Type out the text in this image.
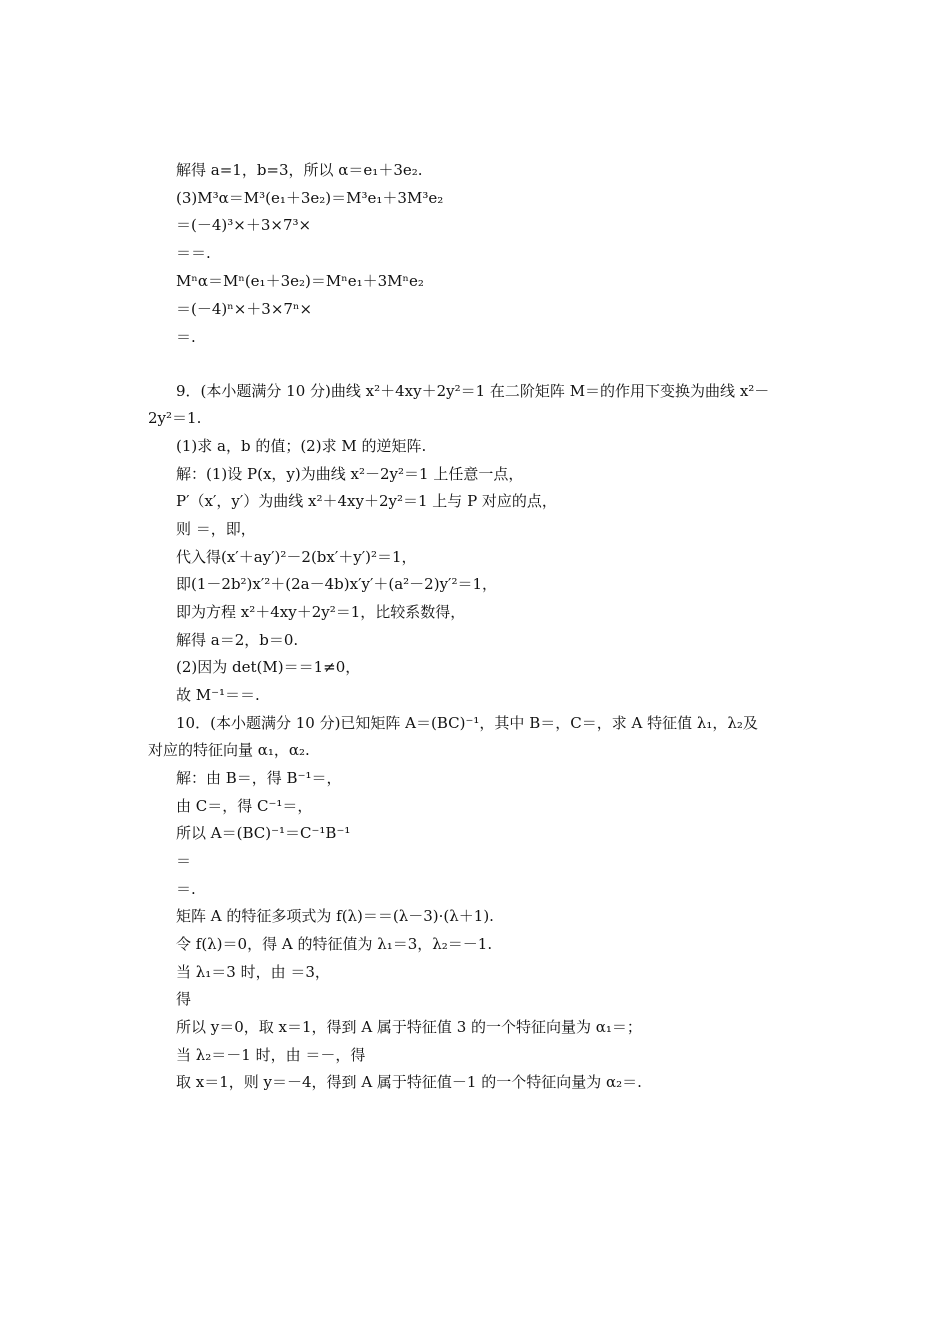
解得 a=1，b=3，所以 α＝e₁＋3e₂.
(3)M³α＝M³(e₁＋3e₂)＝M³e₁＋3M³e₂
＝(－4)³×＋3×7³×
＝＝.
Mⁿα＝Mⁿ(e₁＋3e₂)＝Mⁿe₁＋3Mⁿe₂
＝(－4)ⁿ×＋3×7ⁿ×
＝.
9．(本小题满分 10 分)曲线 x²＋4xy＋2y²＝1 在二阶矩阵 M＝的作用下变换为曲线 x²－
2y²＝1.
(1)求 a，b 的值；(2)求 M 的逆矩阵.
解：(1)设 P(x，y)为曲线 x²－2y²＝1 上任意一点，
P′（x′，y′）为曲线 x²＋4xy＋2y²＝1 上与 P 对应的点，
则 ＝，即，
代入得(x′＋ay′)²－2(bx′＋y′)²＝1，
即(1－2b²)x′²＋(2a－4b)x′y′＋(a²－2)y′²＝1，
即为方程 x²＋4xy＋2y²＝1，比较系数得，
解得 a＝2，b＝0.
(2)因为 det(M)＝＝1≠0，
故 M⁻¹＝＝.
10．(本小题满分 10 分)已知矩阵 A＝(BC)⁻¹，其中 B＝，C＝，求 A 特征值 λ₁，λ₂及
对应的特征向量 α₁，α₂.
解：由 B＝，得 B⁻¹＝，
由 C＝，得 C⁻¹＝，
所以 A＝(BC)⁻¹＝C⁻¹B⁻¹
＝
＝.
矩阵 A 的特征多项式为 f(λ)＝＝(λ－3)·(λ＋1).
令 f(λ)＝0，得 A 的特征值为 λ₁＝3，λ₂＝－1.
当 λ₁＝3 时，由 ＝3，
得
所以 y＝0，取 x＝1，得到 A 属于特征值 3 的一个特征向量为 α₁＝；
当 λ₂＝－1 时，由 ＝－，得
取 x＝1，则 y＝－4，得到 A 属于特征值－1 的一个特征向量为 α₂＝.
